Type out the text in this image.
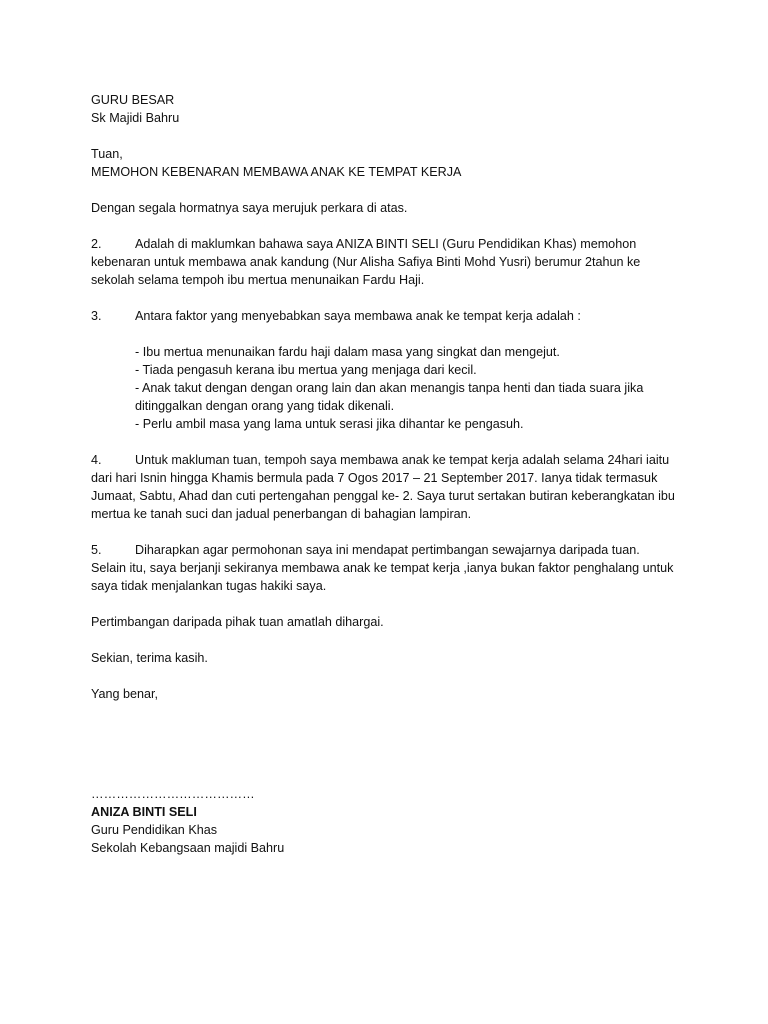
GURU BESAR

Sk Majidi Bahru

Tuan,

MEMOHON KEBENARAN MEMBAWA ANAK KE TEMPAT KERJA

Dengan segala hormatnya saya merujuk perkara di atas.

2.	Adalah di maklumkan bahawa saya ANIZA BINTI SELI (Guru Pendidikan Khas) memohon

kebenaran untuk membawa anak kandung (Nur Alisha Safiya Binti Mohd Yusri) berumur 2tahun ke

sekolah selama tempoh ibu mertua menunaikan Fardu Haji.

3.	Antara faktor yang menyebabkan saya membawa anak ke tempat kerja adalah :
- Ibu mertua menunaikan fardu haji dalam masa yang singkat dan mengejut.
- Tiada pengasuh kerana ibu mertua yang menjaga dari kecil.
- Anak takut dengan dengan orang lain dan akan menangis tanpa henti dan tiada suara jika
ditinggalkan dengan orang yang tidak dikenali.
- Perlu ambil masa yang lama untuk serasi jika dihantar ke pengasuh.
4.	Untuk makluman tuan, tempoh saya membawa anak ke tempat kerja adalah selama 24hari iaitu

dari hari Isnin hingga Khamis bermula pada 7 Ogos 2017 – 21 September 2017. Ianya tidak termasuk

Jumaat, Sabtu, Ahad dan cuti pertengahan penggal ke- 2. Saya turut sertakan butiran keberangkatan ibu

mertua ke tanah suci dan jadual penerbangan di bahagian lampiran.

5.	Diharapkan agar permohonan saya ini mendapat pertimbangan sewajarnya daripada tuan.

Selain itu, saya berjanji sekiranya membawa anak ke tempat kerja ,ianya bukan faktor penghalang untuk

saya tidak menjalankan tugas hakiki saya.

Pertimbangan daripada pihak tuan amatlah dihargai.

Sekian, terima kasih.

Yang benar,

…………………………………

ANIZA BINTI SELI

Guru Pendidikan Khas

Sekolah Kebangsaan majidi Bahru
